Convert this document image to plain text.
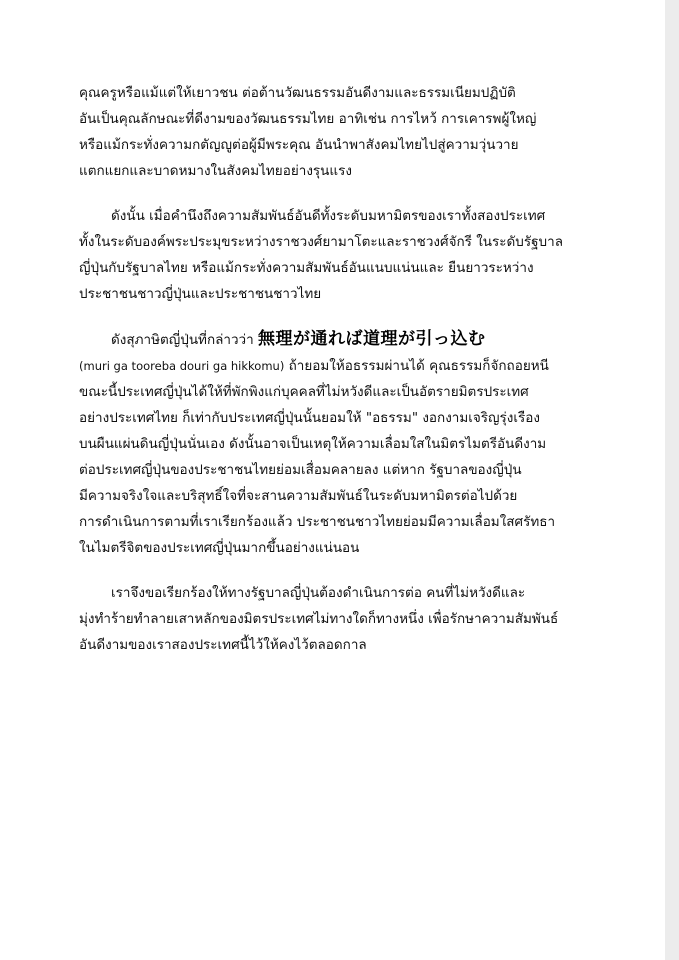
คุณครูหรือแม้แต่ให้เยาวชน ต่อต้านวัฒนธรรมอันดีงามและธรรมเนียมปฏิบัติ
อันเป็นคุณลักษณะที่ดีงามของวัฒนธรรมไทย อาทิเช่น การไหว้ การเคารพผู้ใหญ่
หรือแม้กระทั่งความกตัญญูต่อผู้มีพระคุณ อันนำพาสังคมไทยไปสู่ความวุ่นวาย
แตกแยกและบาดหมางในสังคมไทยอย่างรุนแรง

ดังนั้น เมื่อคำนึงถึงความสัมพันธ์อันดีทั้งระดับมหามิตรของเราทั้งสองประเทศ
ทั้งในระดับองค์พระประมุขระหว่างราชวงศ์ยามาโตะและราชวงศ์จักรี ในระดับรัฐบาล
ญี่ปุ่นกับรัฐบาลไทย หรือแม้กระทั่งความสัมพันธ์อันแนบแน่นและ ยืนยาวระหว่าง
ประชาชนชาวญี่ปุ่นและประชาชนชาวไทย

ดังสุภาษิตญี่ปุ่นที่กล่าวว่า 無理が通れば道理が引っ込む
(muri ga tooreba douri ga hikkomu) ถ้ายอมให้อธรรมผ่านได้ คุณธรรมก็จักถอยหนี
ขณะนี้ประเทศญี่ปุ่นได้ให้ที่พักพิงแก่บุคคลที่ไม่หวังดีและเป็นอัตรายมิตรประเทศ
อย่างประเทศไทย ก็เท่ากับประเทศญี่ปุ่นนั้นยอมให้ "อธรรม" งอกงามเจริญรุ่งเรือง
บนผืนแผ่นดินญี่ปุ่นนั่นเอง ดังนั้นอาจเป็นเหตุให้ความเลื่อมใสในมิตรไมตรีอันดีงาม
ต่อประเทศญี่ปุ่นของประชาชนไทยย่อมเสื่อมคลายลง แต่หาก รัฐบาลของญี่ปุ่น
มีความจริงใจและบริสุทธิ์ใจที่จะสานความสัมพันธ์ในระดับมหามิตรต่อไปด้วย
การดำเนินการตามที่เราเรียกร้องแล้ว ประชาชนชาวไทยย่อมมีความเลื่อมใสศรัทธา
ในไมตรีจิตของประเทศญี่ปุ่นมากขึ้นอย่างแน่นอน

เราจึงขอเรียกร้องให้ทางรัฐบาลญี่ปุ่นต้องดำเนินการต่อ คนที่ไม่หวังดีและ
มุ่งทำร้ายทำลายเสาหลักของมิตรประเทศไม่ทางใดก็ทางหนึ่ง เพื่อรักษาความสัมพันธ์
อันดีงามของเราสองประเทศนี้ไว้ให้คงไว้ตลอดกาล
